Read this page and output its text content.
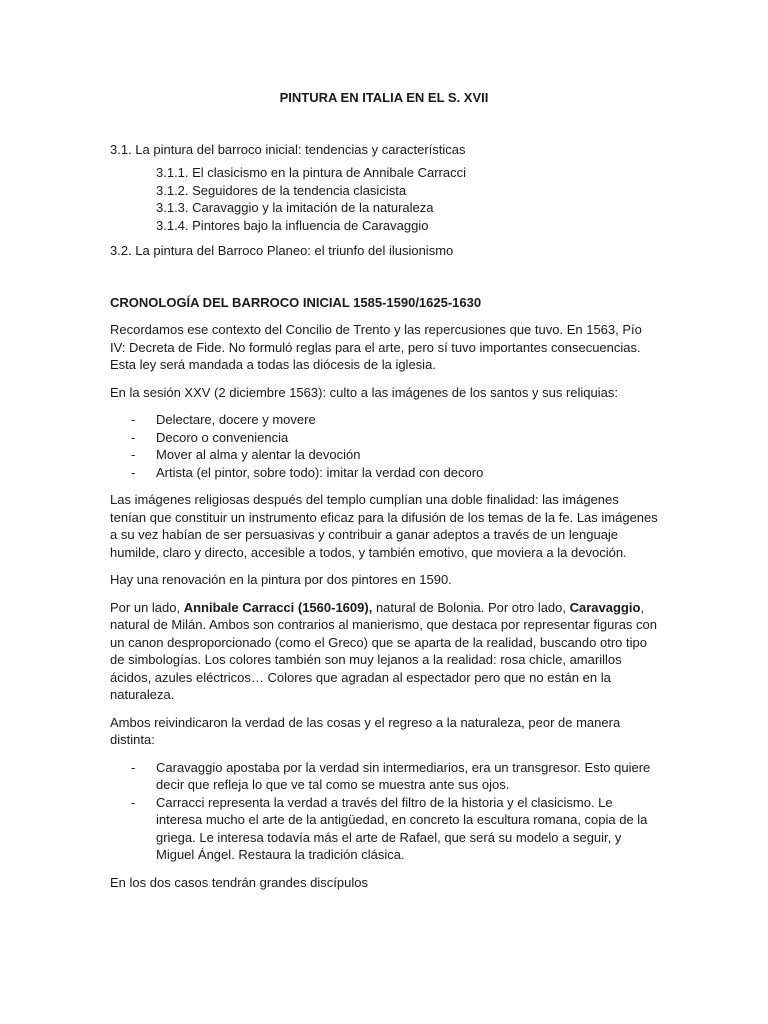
PINTURA EN ITALIA EN EL S. XVII

3.1. La pintura del barroco inicial: tendencias y características

3.1.1. El clasicismo en la pintura de Annibale Carracci
3.1.2. Seguidores de la tendencia clasicista
3.1.3. Caravaggio y la imitación de la naturaleza
3.1.4. Pintores bajo la influencia de Caravaggio

3.2. La pintura del Barroco Planeo: el triunfo del ilusionismo

CRONOLOGÍA DEL BARROCO INICIAL 1585-1590/1625-1630

Recordamos ese contexto del Concilio de Trento y las repercusiones que tuvo. En 1563, Pío IV: Decreta de Fide. No formuló reglas para el arte, pero sí tuvo importantes consecuencias. Esta ley será mandada a todas las diócesis de la iglesia.

En la sesión XXV (2 diciembre 1563): culto a las imágenes de los santos y sus reliquias:

- Delectare, docere y movere
- Decoro o conveniencia
- Mover al alma y alentar la devoción
- Artista (el pintor, sobre todo): imitar la verdad con decoro

Las imágenes religiosas después del templo cumplían una doble finalidad: las imágenes tenían que constituir un instrumento eficaz para la difusión de los temas de la fe. Las imágenes a su vez habían de ser persuasivas y contribuir a ganar adeptos a través de un lenguaje humilde, claro y directo, accesible a todos, y también emotivo, que moviera a la devoción.

Hay una renovación en la pintura por dos pintores en 1590.

Por un lado, Annibale Carracci (1560-1609), natural de Bolonia. Por otro lado, Caravaggio, natural de Milán. Ambos son contrarios al manierismo, que destaca por representar figuras con un canon desproporcionado (como el Greco) que se aparta de la realidad, buscando otro tipo de simbologías. Los colores también son muy lejanos a la realidad: rosa chicle, amarillos ácidos, azules eléctricos… Colores que agradan al espectador pero que no están en la naturaleza.

Ambos reivindicaron la verdad de las cosas y el regreso a la naturaleza, peor de manera distinta:

- Caravaggio apostaba por la verdad sin intermediarios, era un transgresor. Esto quiere decir que refleja lo que ve tal como se muestra ante sus ojos.
- Carracci representa la verdad a través del filtro de la historia y el clasicismo. Le interesa mucho el arte de la antigüedad, en concreto la escultura romana, copia de la griega. Le interesa todavía más el arte de Rafael, que será su modelo a seguir, y Miguel Ángel. Restaura la tradición clásica.

En los dos casos tendrán grandes discípulos
